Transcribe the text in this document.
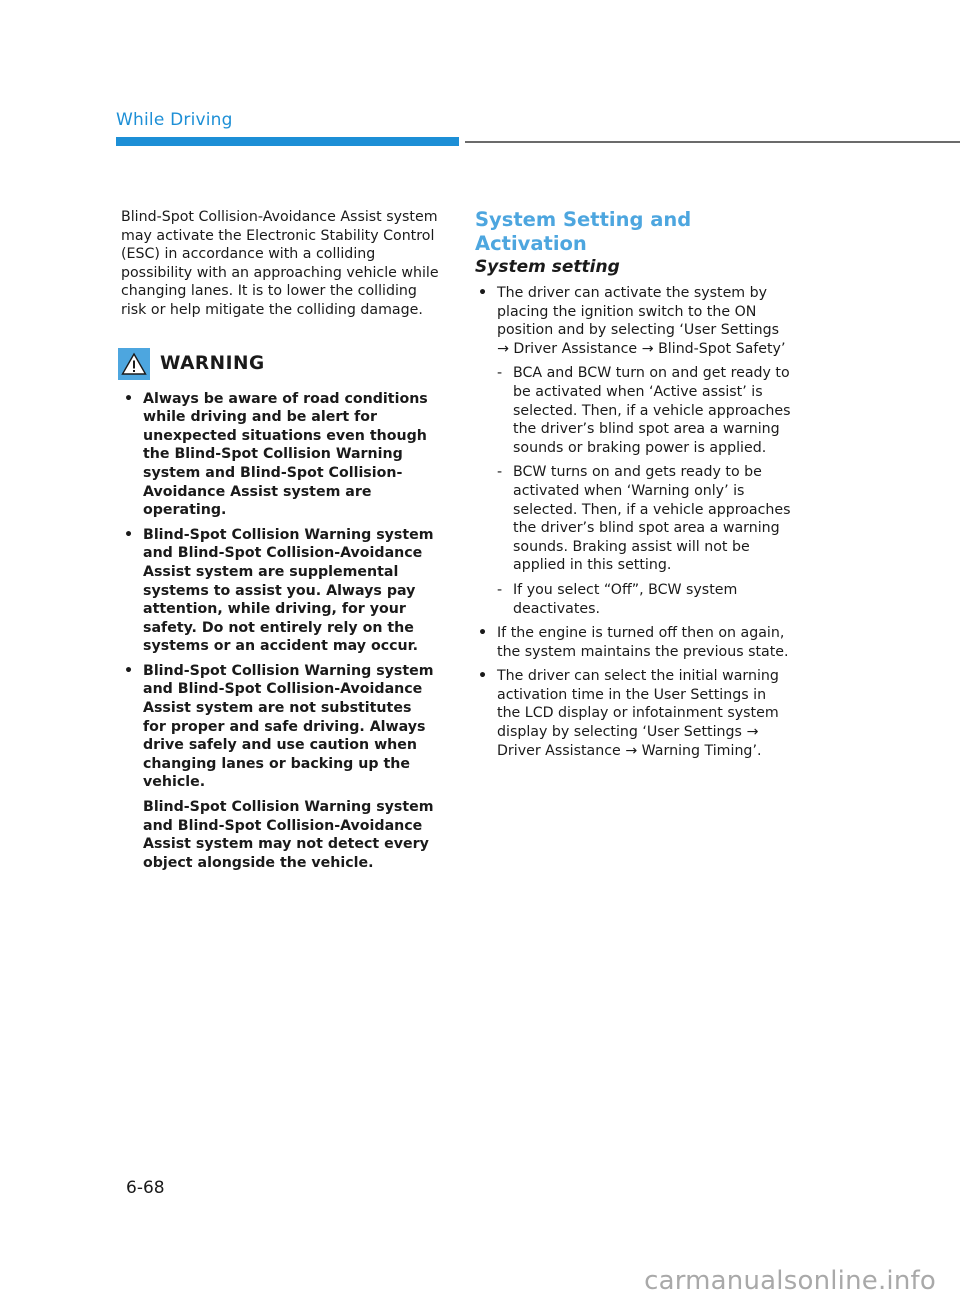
While Driving

Blind-Spot Collision-Avoidance Assist system may activate the Electronic Stability Control (ESC) in accordance with a colliding possibility with an approaching vehicle while changing lanes. It is to lower the colliding risk or help mitigate the colliding damage.

WARNING
• Always be aware of road conditions while driving and be alert for unexpected situations even though the Blind-Spot Collision Warning system and Blind-Spot Collision-Avoidance Assist system are operating.
• Blind-Spot Collision Warning system and Blind-Spot Collision-Avoidance Assist system are supplemental systems to assist you. Always pay attention, while driving, for your safety. Do not entirely rely on the systems or an accident may occur.
• Blind-Spot Collision Warning system and Blind-Spot Collision-Avoidance Assist system are not substitutes for proper and safe driving. Always drive safely and use caution when changing lanes or backing up the vehicle.
Blind-Spot Collision Warning system and Blind-Spot Collision-Avoidance Assist system may not detect every object alongside the vehicle.
System Setting and Activation
System setting
• The driver can activate the system by placing the ignition switch to the ON position and by selecting ‘User Settings → Driver Assistance → Blind-Spot Safety’
- BCA and BCW turn on and get ready to be activated when ‘Active assist’ is selected. Then, if a vehicle approaches the driver’s blind spot area a warning sounds or braking power is applied.
- BCW turns on and gets ready to be activated when ‘Warning only’ is selected. Then, if a vehicle approaches the driver’s blind spot area a warning sounds. Braking assist will not be applied in this setting.
- If you select “Off”, BCW system deactivates.
• If the engine is turned off then on again, the system maintains the previous state.
• The driver can select the initial warning activation time in the User Settings in the LCD display or infotainment system display by selecting ‘User Settings → Driver Assistance → Warning Timing’.
6-68
carmanualsonline.info
